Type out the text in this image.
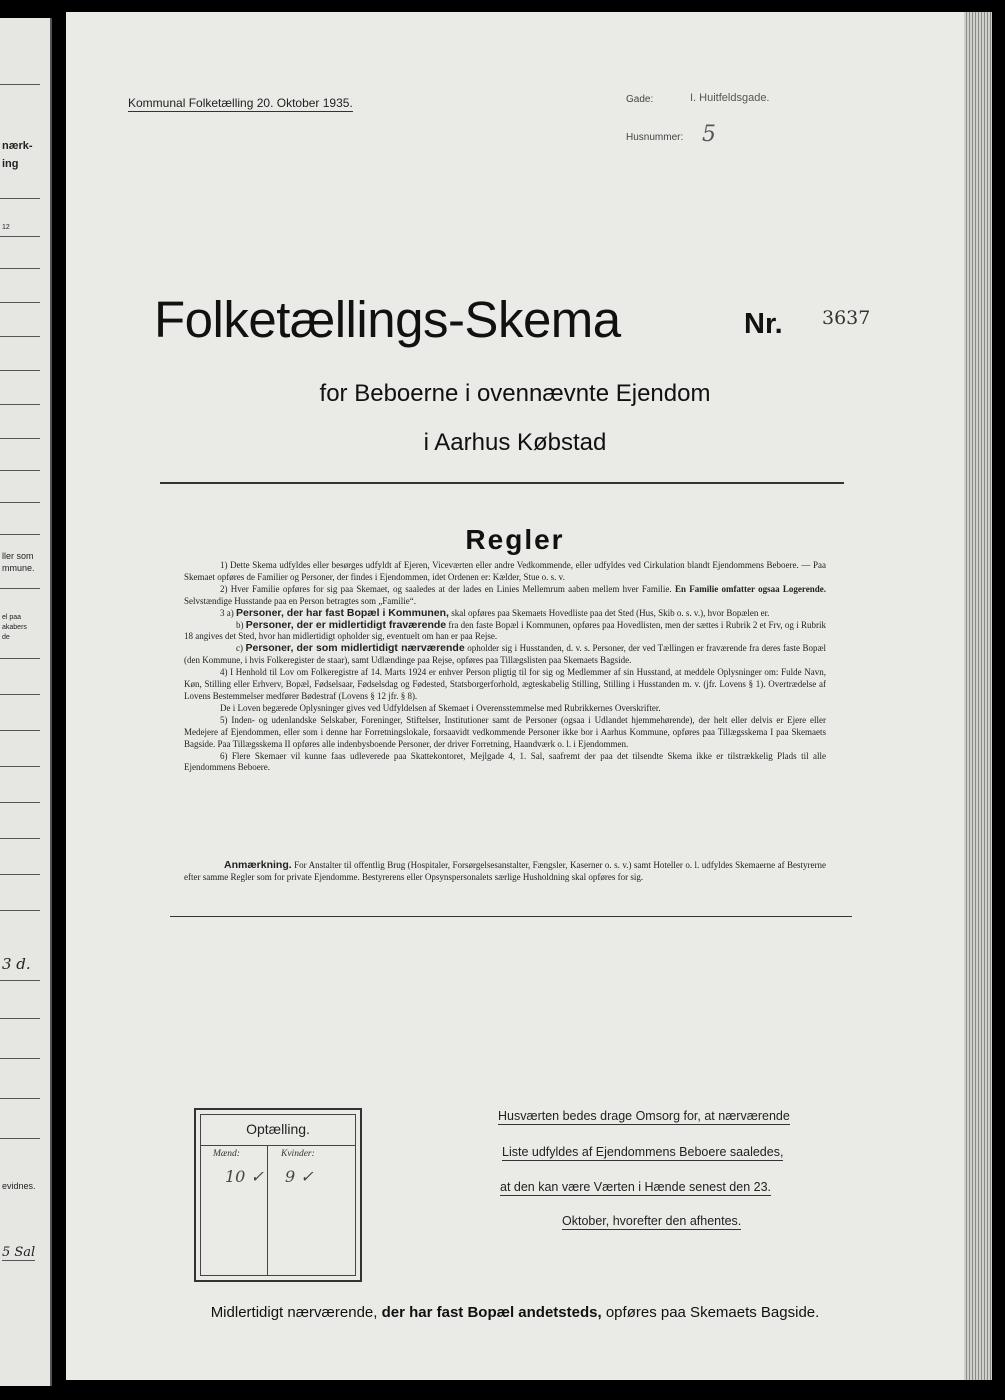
nærk-
ing
12
ller som
mmune.
el paa
akabers
de
3 d.
evidnes.
5 Sal
Kommunal Folketælling 20. Oktober 1935.	Gade:	I. Huitfeldsgade.
Husnummer: 5
Folketællings-Skema	Nr. 3637
for Beboerne i ovennævnte Ejendom
i Aarhus Købstad
Regler

1) Dette Skema udfyldes eller besørges udfyldt af Ejeren, Viceværten eller andre Vedkommende, eller udfyldes ved Cirkulation blandt Ejendommens Beboere. — Paa Skemaet opføres de Familier og Personer, der findes i Ejendommen, idet Ordenen er: Kælder, Stue o. s. v.

2) Hver Familie opføres for sig paa Skemaet, og saaledes at der lades en Linies Mellemrum aaben mellem hver Familie. En Familie omfatter ogsaa Logerende. Selvstændige Husstande paa en Person betragtes som „Familie“.

3 a) Personer, der har fast Bopæl i Kommunen, skal opføres paa Skemaets Hovedliste paa det Sted (Hus, Skib o. s. v.), hvor Bopælen er.

b) Personer, der er midlertidigt fraværende fra den faste Bopæl i Kommunen, opføres paa Hovedlisten, men der sættes i Rubrik 2 et Frv, og i Rubrik 18 angives det Sted, hvor han midlertidigt opholder sig, eventuelt om han er paa Rejse.

c) Personer, der som midlertidigt nærværende opholder sig i Husstanden, d. v. s. Personer, der ved Tællingen er fraværende fra deres faste Bopæl (den Kommune, i hvis Folkeregister de staar), samt Udlændinge paa Rejse, opføres paa Tillægslisten paa Skemaets Bagside.

4) I Henhold til Lov om Folkeregistre af 14. Marts 1924 er enhver Person pligtig til for sig og Medlemmer af sin Husstand, at meddele Oplysninger om: Fulde Navn, Køn, Stilling eller Erhverv, Bopæl, Fødselsaar, Fødselsdag og Fødested, Statsborgerforhold, ægteskabelig Stilling, Stilling i Husstanden m. v. (jfr. Lovens § 1). Overtrædelse af Lovens Bestemmelser medfører Bødestraf (Lovens § 12 jfr. § 8).

De i Loven begærede Oplysninger gives ved Udfyldelsen af Skemaet i Overensstemmelse med Rubrikkernes Overskrifter.

5) Inden- og udenlandske Selskaber, Foreninger, Stiftelser, Institutioner samt de Personer (ogsaa i Udlandet hjemmehørende), der helt eller delvis er Ejere eller Medejere af Ejendommen, eller som i denne har Forretningslokale, forsaavidt vedkommende Personer ikke bor i Aarhus Kommune, opføres paa Tillægsskema I paa Skemaets Bagside. Paa Tillægsskema II opføres alle indenbysboende Personer, der driver Forretning, Haandværk o. l. i Ejendommen.

6) Flere Skemaer vil kunne faas udleverede paa Skattekontoret, Mejlgade 4, 1. Sal, saafremt der paa det tilsendte Skema ikke er tilstrækkelig Plads til alle Ejendommens Beboere.

Anmærkning. For Anstalter til offentlig Brug (Hospitaler, Forsørgelsesanstalter, Fængsler, Kaserner o. s. v.) samt Hoteller o. l. udfyldes Skemaerne af Bestyrerne efter samme Regler som for private Ejendomme. Bestyrerens eller Opsynspersonalets særlige Husholdning skal opføres for sig.
Optælling.
Mænd:	Kvinder:
10 ✓ 9 ✓
Husværten bedes drage Omsorg for, at nærværende
Liste udfyldes af Ejendommens Beboere saaledes,
at den kan være Værten i Hænde senest den 23.
Oktober, hvorefter den afhentes.
Midlertidigt nærværende, der har fast Bopæl andetsteds, opføres paa Skemaets Bagside.
